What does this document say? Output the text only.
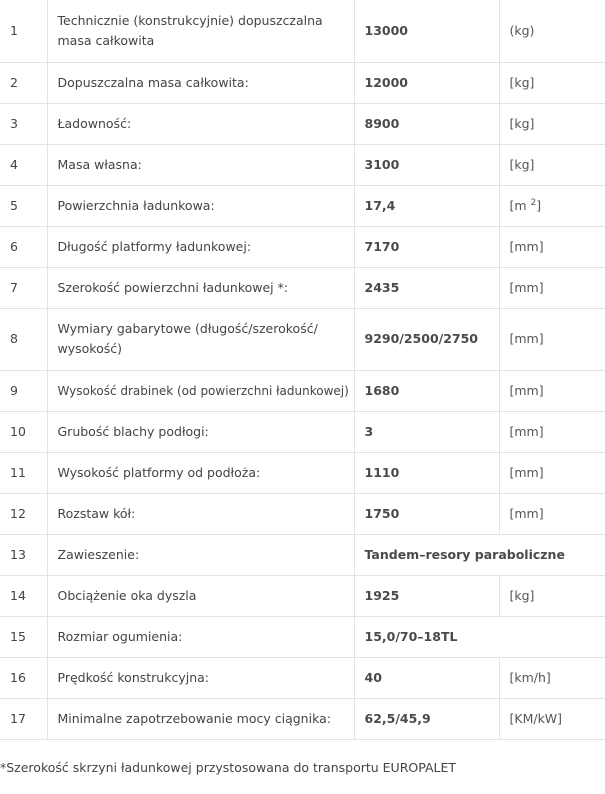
1	Technicznie (konstrukcyjnie) dopuszczalna masa całkowita	13000	(kg)
2	Dopuszczalna masa całkowita:	12000	[kg]
3	Ładowność:	8900	[kg]
4	Masa własna:	3100	[kg]
5	Powierzchnia ładunkowa:	17,4	[m $^2$]
6	Długość platformy ładunkowej:	7170	[mm]
7	Szerokość powierzchni ładunkowej *:	2435	[mm]
8	Wymiary gabarytowe (długość/szerokość/ wysokość)	9290/2500/2750	[mm]
9	Wysokość drabinek (od powierzchni ładunkowej)	1680	[mm]
10	Grubość blachy podłogi:	3	[mm]
11	Wysokość platformy od podłoża:	1110	[mm]
12	Rozstaw kół:	1750	[mm]
13	Zawieszenie:	Tandem–resory paraboliczne	
14	Obciążenie oka dyszla	1925	[kg]
15	Rozmiar ogumienia:	15,0/70–18TL	
16	Prędkość konstrukcyjna:	40	[km/h]
17	Minimalne zapotrzebowanie mocy ciągnika:	62,5/45,9	[KM/kW]
*Szerokość skrzyni ładunkowej przystosowana do transportu EUROPALET
